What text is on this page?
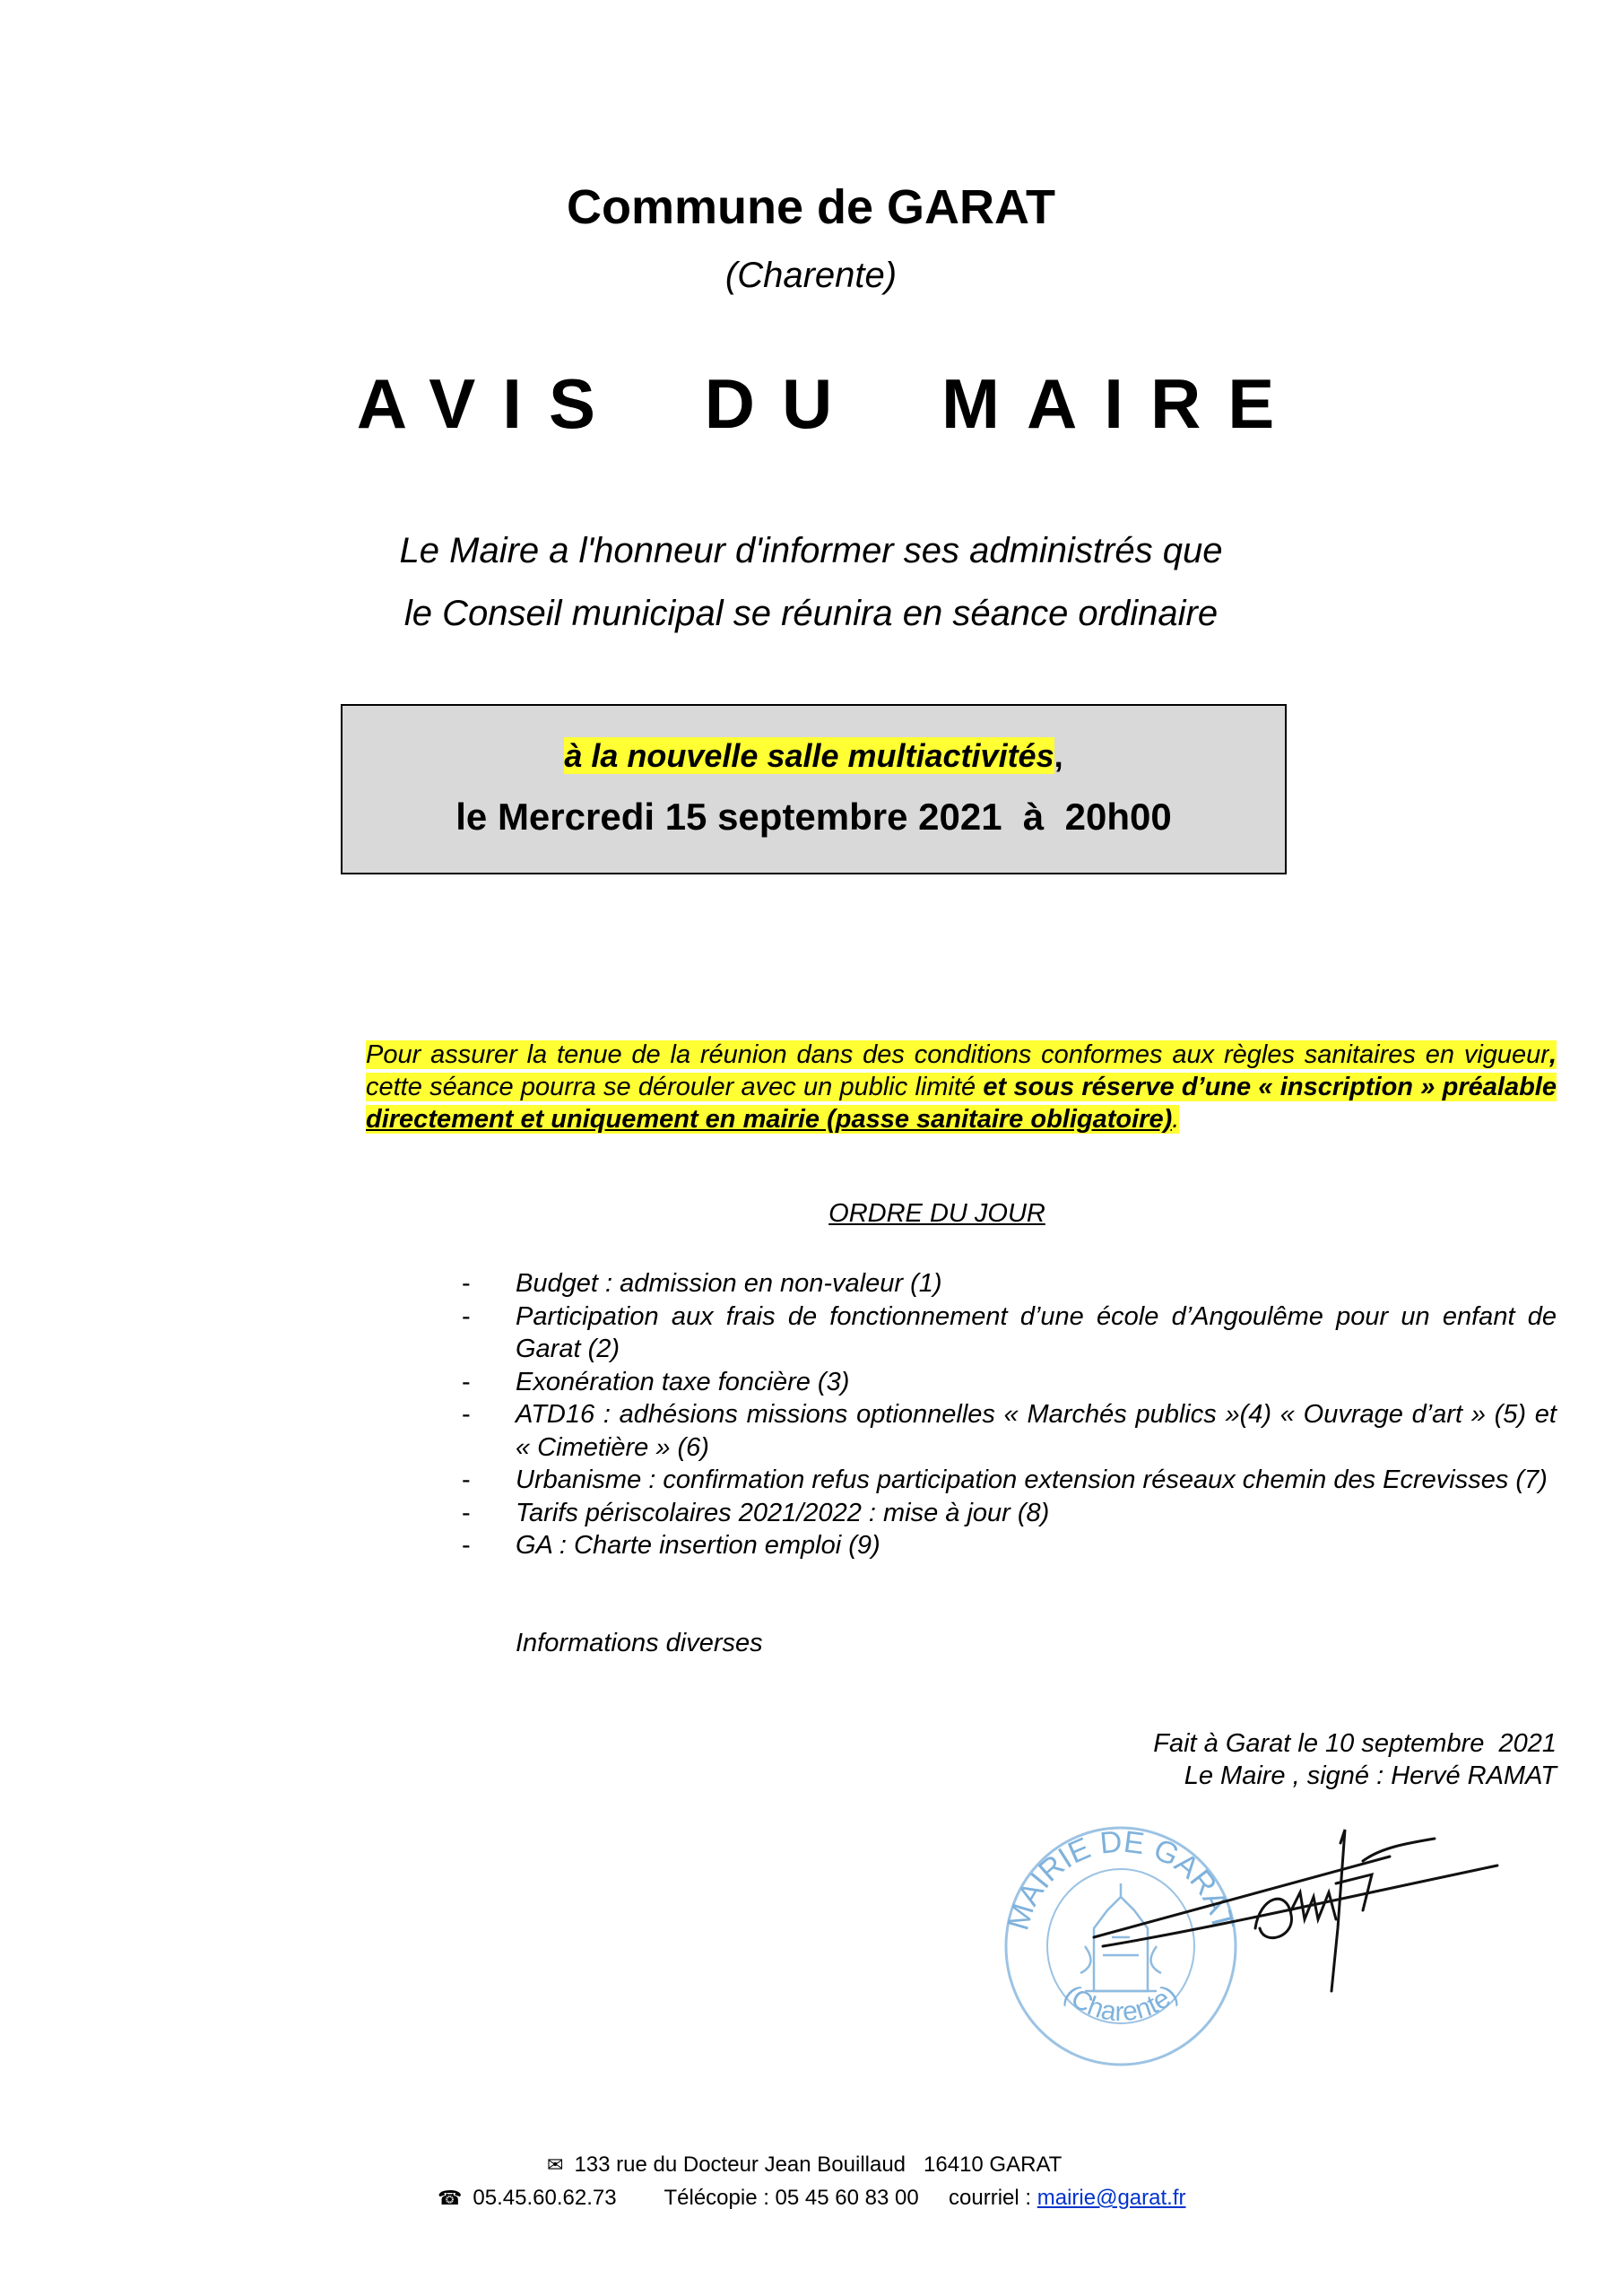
Commune de GARAT
(Charente)
AVIS DU MAIRE
Le Maire a l'honneur d'informer ses administrés que
le Conseil municipal se réunira en séance ordinaire
à la nouvelle salle multiactivités,
le Mercredi 15 septembre 2021  à  20h00
Pour assurer la tenue de la réunion dans des conditions conformes aux règles sanitaires en vigueur, cette séance pourra se dérouler avec un public limité et sous réserve d’une « inscription » préalable directement et uniquement en mairie (passe sanitaire obligatoire).
ORDRE DU JOUR
- Budget : admission en non-valeur (1)
- Participation aux frais de fonctionnement d’une école d’Angoulême pour un enfant de Garat (2)
- Exonération taxe foncière (3)
- ATD16 : adhésions missions optionnelles « Marchés publics »(4) « Ouvrage d’art » (5) et « Cimetière » (6)
- Urbanisme : confirmation refus participation extension réseaux chemin des Ecrevisses (7)
- Tarifs périscolaires 2021/2022 : mise à jour (8)
- GA : Charte insertion emploi (9)
Informations diverses
Fait à Garat le 10 septembre  2021
Le Maire , signé : Hervé RAMAT
MAIRIE DE GARAT
(Charente)
✉ 133 rue du Docteur Jean Bouillaud   16410 GARAT
☎ 05.45.60.62.73 Télécopie : 05 45 60 83 00 courriel : mairie@garat.fr
